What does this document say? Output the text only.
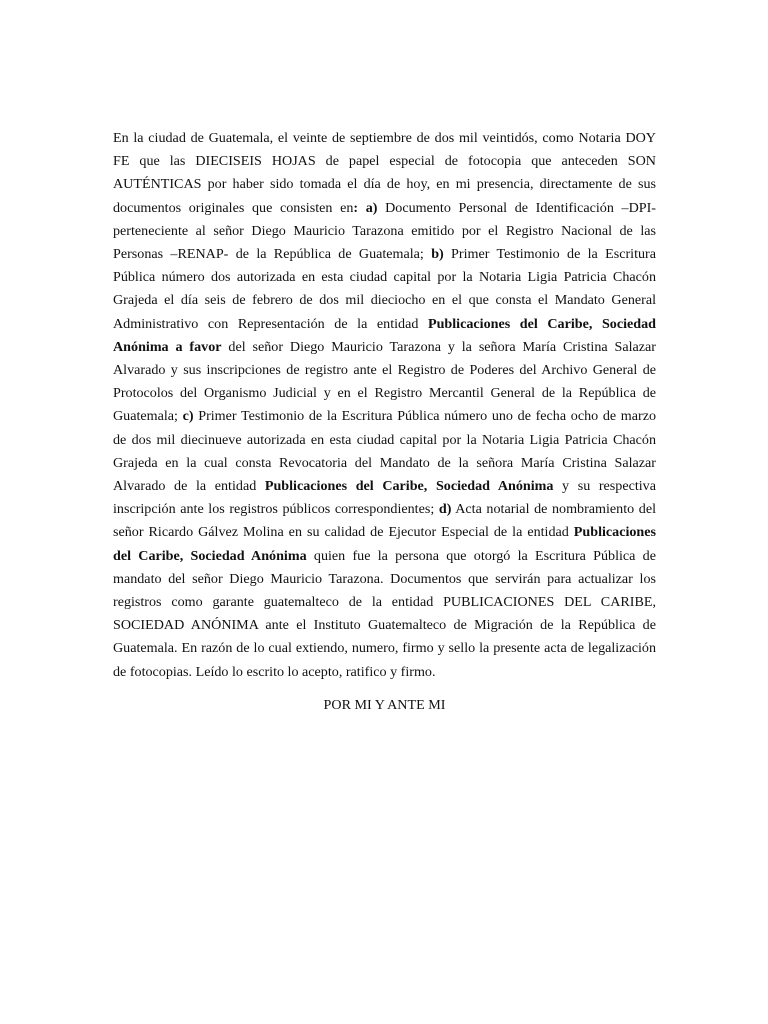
En la ciudad de Guatemala, el veinte de septiembre de dos mil veintidós, como Notaria DOY FE que las DIECISEIS HOJAS de papel especial de fotocopia que anteceden SON AUTÉNTICAS por haber sido tomada el día de hoy, en mi presencia, directamente de sus documentos originales que consisten en: a) Documento Personal de Identificación –DPI- perteneciente al señor Diego Mauricio Tarazona emitido por el Registro Nacional de las Personas –RENAP- de la República de Guatemala; b) Primer Testimonio de la Escritura Pública número dos autorizada en esta ciudad capital por la Notaria Ligia Patricia Chacón Grajeda el día seis de febrero de dos mil dieciocho en el que consta el Mandato General Administrativo con Representación de la entidad Publicaciones del Caribe, Sociedad Anónima a favor del señor Diego Mauricio Tarazona y la señora María Cristina Salazar Alvarado y sus inscripciones de registro ante el Registro de Poderes del Archivo General de Protocolos del Organismo Judicial y en el Registro Mercantil General de la República de Guatemala; c) Primer Testimonio de la Escritura Pública número uno de fecha ocho de marzo de dos mil diecinueve autorizada en esta ciudad capital por la Notaria Ligia Patricia Chacón Grajeda en la cual consta Revocatoria del Mandato de la señora María Cristina Salazar Alvarado de la entidad Publicaciones del Caribe, Sociedad Anónima y su respectiva inscripción ante los registros públicos correspondientes; d) Acta notarial de nombramiento del señor Ricardo Gálvez Molina en su calidad de Ejecutor Especial de la entidad Publicaciones del Caribe, Sociedad Anónima quien fue la persona que otorgó la Escritura Pública de mandato del señor Diego Mauricio Tarazona. Documentos que servirán para actualizar los registros como garante guatemalteco de la entidad PUBLICACIONES DEL CARIBE, SOCIEDAD ANÓNIMA ante el Instituto Guatemalteco de Migración de la República de Guatemala. En razón de lo cual extiendo, numero, firmo y sello la presente acta de legalización de fotocopias. Leído lo escrito lo acepto, ratifico y firmo.

POR MI Y ANTE MI
